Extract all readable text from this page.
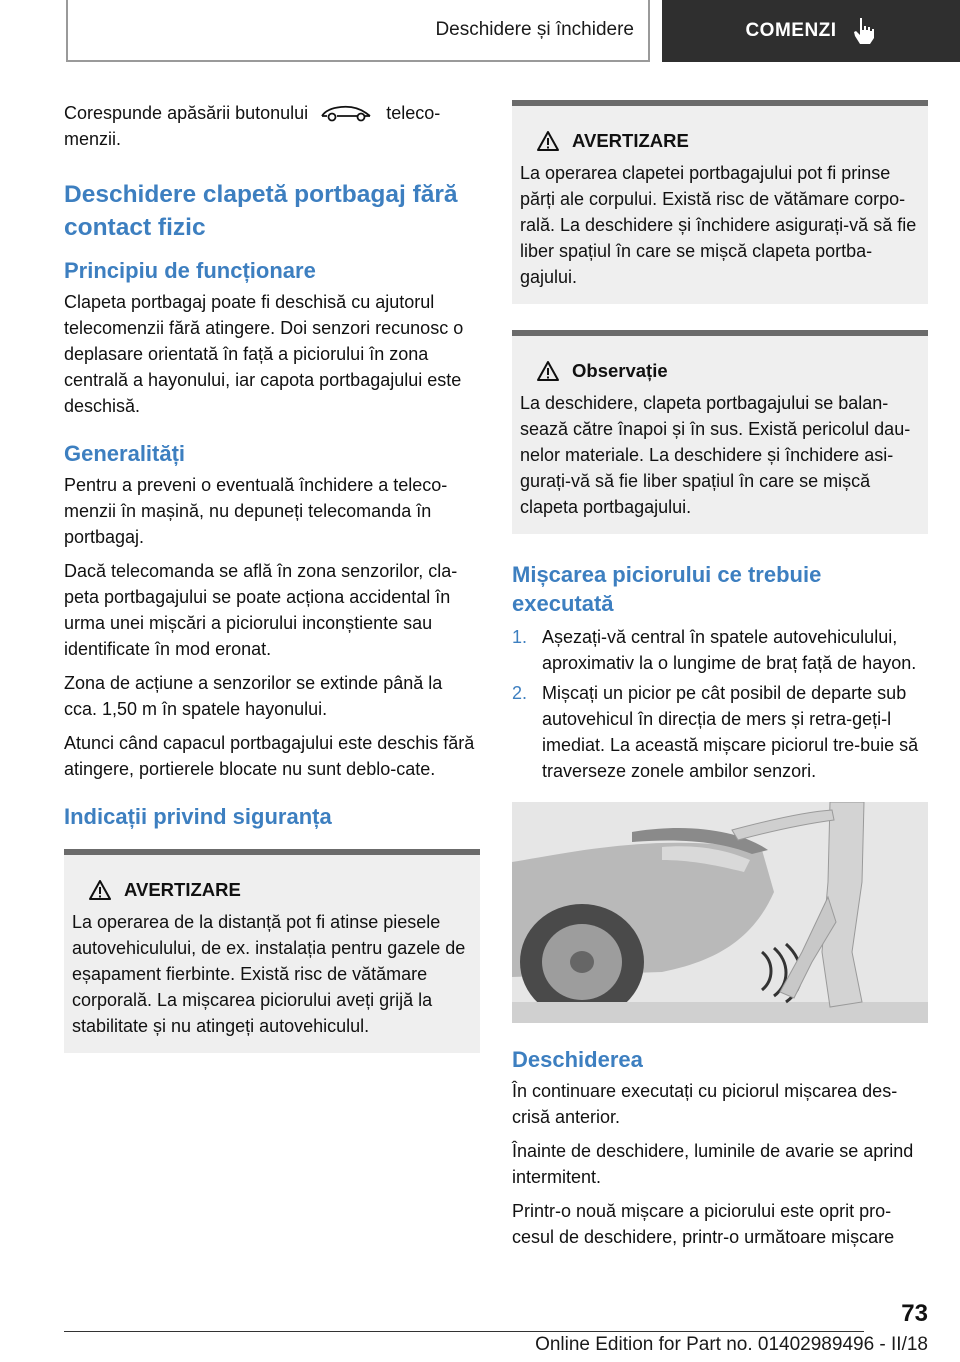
Deschidere și închidere	COMENZI

Corespunde apăsării butonului	teleco-menzii.

Deschidere clapetă portbagaj fără contact fizic
Principiu de funcționare

Clapeta portbagaj poate fi deschisă cu ajutorul telecomenzii fără atingere. Doi senzori recunosc o deplasare orientată în față a piciorului în zona centrală a hayonului, iar capota portbagajului este deschisă.

Generalități

Pentru a preveni o eventuală închidere a teleco-menzii în mașină, nu depuneți telecomanda în portbagaj.

Dacă telecomanda se află în zona senzorilor, cla-peta portbagajului se poate acționa accidental în urma unei mișcări a piciorului inconștiente sau identificate în mod eronat.

Zona de acțiune a senzorilor se extinde până la cca. 1,50 m în spatele hayonului.

Atunci când capacul portbagajului este deschis fără atingere, portierele blocate nu sunt deblo-cate.

Indicații privind siguranța
AVERTIZARE

La operarea de la distanță pot fi atinse piesele autovehiculului, de ex. instalația pentru gazele de eșapament fierbinte. Există risc de vătămare corporală. La mișcarea piciorului aveți grijă la stabilitate și nu atingeți autovehiculul.

AVERTIZARE

La operarea clapetei portbagajului pot fi prinse părți ale corpului. Există risc de vătămare corpo-rală. La deschidere și închidere asigurați-vă să fie liber spațiul în care se mișcă clapeta portba-gajului.

Observație

La deschidere, clapeta portbagajului se balan-sează către înapoi și în sus. Există pericolul dau-nelor materiale. La deschidere și închidere asi-gurați-vă să fie liber spațiul în care se mișcă clapeta portbagajului.

Mișcarea piciorului ce trebuie executată
1. Așezați-vă central în spatele autovehiculului, aproximativ la o lungime de braț față de hayon.
2. Mișcați un picior pe cât posibil de departe sub autovehicul în direcția de mers și retra-geți-l imediat. La această mișcare piciorul tre-buie să traverseze zonele ambilor senzori.
Deschiderea

În continuare executați cu piciorul mișcarea des-crisă anterior.

Înainte de deschidere, luminile de avarie se aprind intermitent.

Printr-o nouă mișcare a piciorului este oprit pro-cesul de deschidere, printr-o următoare mișcare

73
Online Edition for Part no. 01402989496 - II/18
